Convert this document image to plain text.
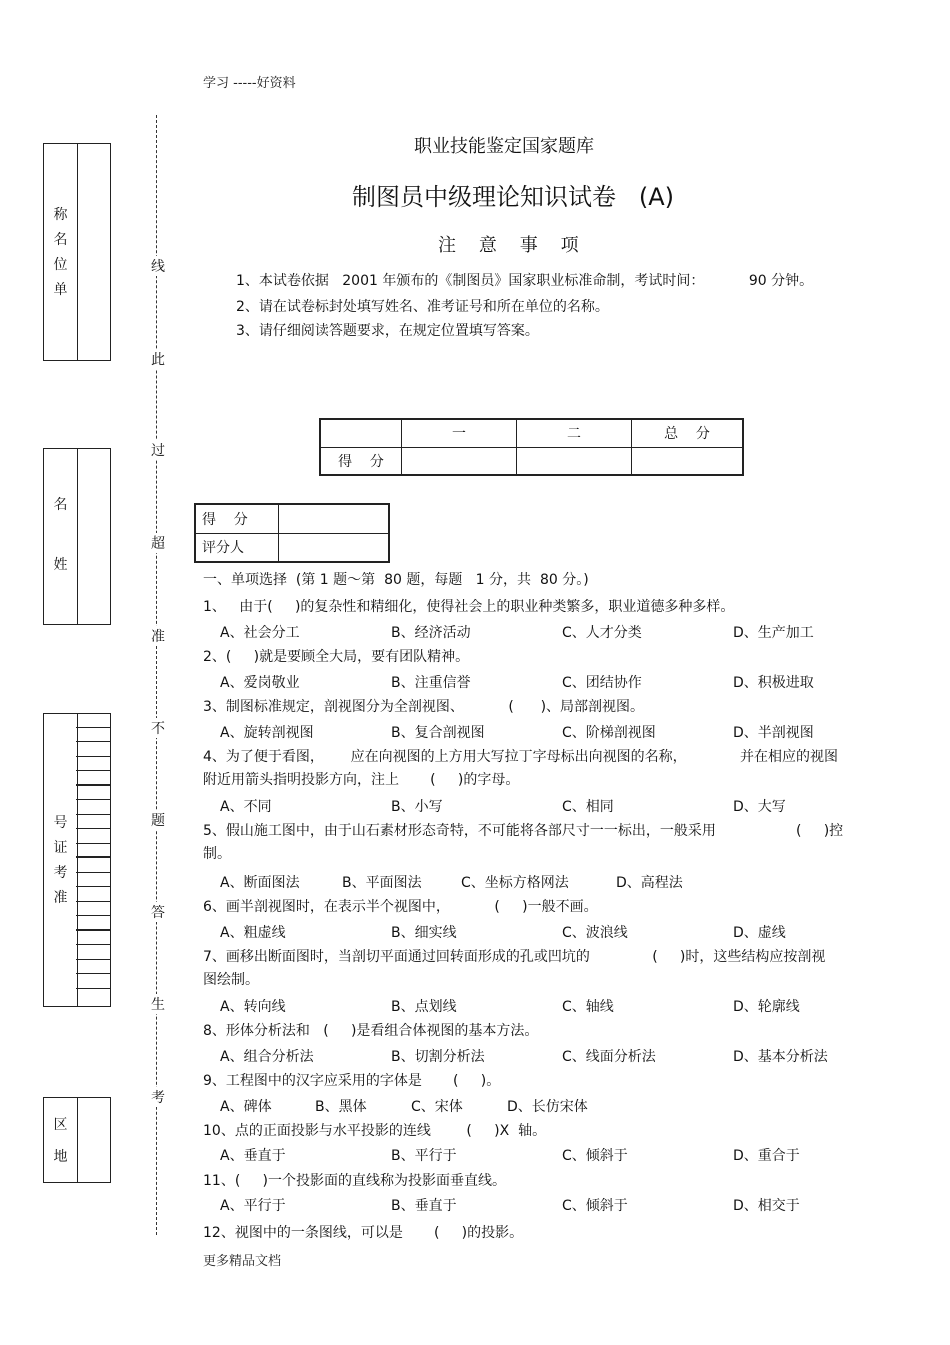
学习 -----好资料
称
名
位
单
名
姓
号
证
考
准
区
地
线
此
过
超
准
不
题
答
生
考
职业技能鉴定国家题库
制图员中级理论知识试卷 (A)
注    意    事    项
1、本试卷依据   2001 年颁布的《制图员》国家职业标准命制，考试时间：          90 分钟。
2、请在试卷标封处填写姓名、准考证号和所在单位的名称。
3、请仔细阅读答题要求，在规定位置填写答案。
	一	二	总    分
得    分			
得    分	
评分人	
一、单项选择  (第 1 题～第  80 题，每题   1 分，共  80 分。)
1、   由于(     )的复杂性和精细化，使得社会上的职业种类繁多，职业道德多种多样。
A、社会分工	B、经济活动	C、人才分类	D、生产加工
2、(     )就是要顾全大局，要有团队精神。
A、爱岗敬业	B、注重信誉	C、团结协作	D、积极进取
3、制图标准规定，剖视图分为全剖视图、          (      )、局部剖视图。
A、旋转剖视图	B、复合剖视图	C、阶梯剖视图	D、半剖视图
4、为了便于看图，      应在向视图的上方用大写拉丁字母标出向视图的名称，            并在相应的视图
附近用箭头指明投影方向，注上       (     )的字母。
A、不同	B、小写	C、相同	D、大写
5、假山施工图中，由于山石素材形态奇特，不可能将各部尺寸一一标出，一般采用                  (     )控
制。
A、断面图法	B、平面图法	C、坐标方格网法	D、高程法
6、画半剖视图时，在表示半个视图中，          (     )一般不画。
A、粗虚线	B、细实线	C、波浪线	D、虚线
7、画移出断面图时，当剖切平面通过回转面形成的孔或凹坑的              (     )时，这些结构应按剖视
图绘制。
A、转向线	B、点划线	C、轴线	D、轮廓线
8、形体分析法和   (     )是看组合体视图的基本方法。
A、组合分析法	B、切割分析法	C、线面分析法	D、基本分析法
9、工程图中的汉字应采用的字体是       (     )。
A、碑体	B、黑体	C、宋体	D、长仿宋体
10、点的正面投影与水平投影的连线        (     )X  轴。
A、垂直于	B、平行于	C、倾斜于	D、重合于
11、(     )一个投影面的直线称为投影面垂直线。
A、平行于	B、垂直于	C、倾斜于	D、相交于
12、视图中的一条图线，可以是       (     )的投影。
更多精品文档
